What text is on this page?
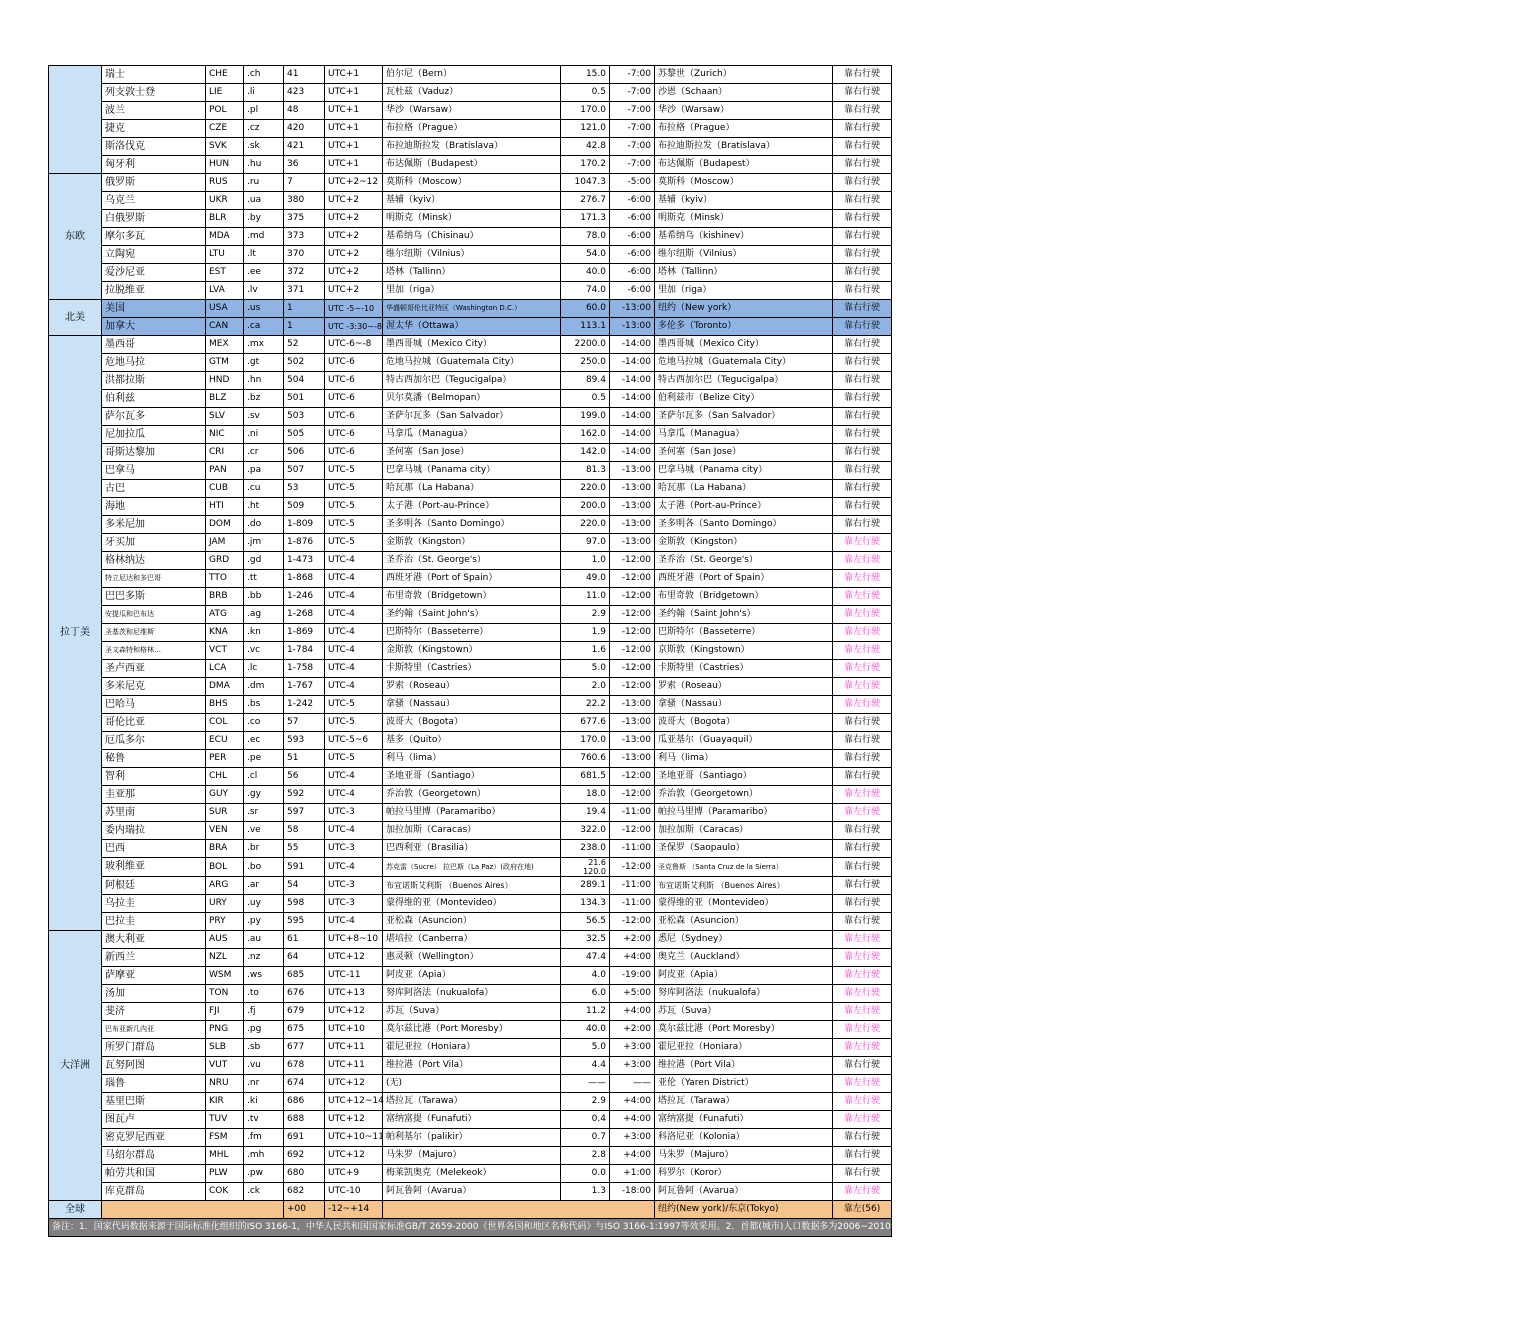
	瑞士	CHE	.ch	41	UTC+1	伯尔尼（Bern）	15.0	-7:00	苏黎世（Zurich）	靠右行驶
	列支敦士登	LIE	.li	423	UTC+1	瓦杜兹（Vaduz）	0.5	-7:00	沙恩（Schaan）	靠右行驶
	波兰	POL	.pl	48	UTC+1	华沙（Warsaw）	170.0	-7:00	华沙（Warsaw）	靠右行驶
	捷克	CZE	.cz	420	UTC+1	布拉格（Prague）	121.0	-7:00	布拉格（Prague）	靠右行驶
	斯洛伐克	SVK	.sk	421	UTC+1	布拉迪斯拉发（Bratislava）	42.8	-7:00	布拉迪斯拉发（Bratislava）	靠右行驶
	匈牙利	HUN	.hu	36	UTC+1	布达佩斯（Budapest）	170.2	-7:00	布达佩斯（Budapest）	靠右行驶
东欧	俄罗斯	RUS	.ru	7	UTC+2~12	莫斯科（Moscow）	1047.3	-5:00	莫斯科（Moscow）	靠右行驶
	乌克兰	UKR	.ua	380	UTC+2	基辅（kyiv）	276.7	-6:00	基辅（kyiv）	靠右行驶
	白俄罗斯	BLR	.by	375	UTC+2	明斯克（Minsk）	171.3	-6:00	明斯克（Minsk）	靠右行驶
	摩尔多瓦	MDA	.md	373	UTC+2	基希纳乌（Chisinau）	78.0	-6:00	基希纳乌（kishinev）	靠右行驶
	立陶宛	LTU	.lt	370	UTC+2	维尔纽斯（Vilnius）	54.0	-6:00	维尔纽斯（Vilnius）	靠右行驶
	爱沙尼亚	EST	.ee	372	UTC+2	塔林（Tallinn）	40.0	-6:00	塔林（Tallinn）	靠右行驶
	拉脱维亚	LVA	.lv	371	UTC+2	里加（riga）	74.0	-6:00	里加（riga）	靠右行驶
北美	美国	USA	.us	1	UTC -5~-10	华盛顿哥伦比亚特区（Washington D.C.）	60.0	-13:00	纽约（New york）	靠右行驶
	加拿大	CAN	.ca	1	UTC -3:30~-8	渥太华（Ottawa）	113.1	-13:00	多伦多（Toronto）	靠右行驶
拉丁美	墨西哥	MEX	.mx	52	UTC-6~-8	墨西哥城（Mexico City）	2200.0	-14:00	墨西哥城（Mexico City）	靠右行驶
	危地马拉	GTM	.gt	502	UTC-6	危地马拉城（Guatemala City）	250.0	-14:00	危地马拉城（Guatemala City）	靠右行驶
	洪都拉斯	HND	.hn	504	UTC-6	特古西加尔巴（Tegucigalpa）	89.4	-14:00	特古西加尔巴（Tegucigalpa）	靠右行驶
	伯利兹	BLZ	.bz	501	UTC-6	贝尔莫潘（Belmopan）	0.5	-14:00	伯利兹市（Belize City）	靠右行驶
	萨尔瓦多	SLV	.sv	503	UTC-6	圣萨尔瓦多（San Salvador）	199.0	-14:00	圣萨尔瓦多（San Salvador）	靠右行驶
	尼加拉瓜	NIC	.ni	505	UTC-6	马拿瓜（Managua）	162.0	-14:00	马拿瓜（Managua）	靠右行驶
	哥斯达黎加	CRI	.cr	506	UTC-6	圣何塞（San Jose）	142.0	-14:00	圣何塞（San Jose）	靠右行驶
	巴拿马	PAN	.pa	507	UTC-5	巴拿马城（Panama city）	81.3	-13:00	巴拿马城（Panama city）	靠右行驶
	古巴	CUB	.cu	53	UTC-5	哈瓦那（La Habana）	220.0	-13:00	哈瓦那（La Habana）	靠右行驶
	海地	HTI	.ht	509	UTC-5	太子港（Port-au-Prince）	200.0	-13:00	太子港（Port-au-Prince）	靠右行驶
	多米尼加	DOM	.do	1-809	UTC-5	圣多明各（Santo Domingo）	220.0	-13:00	圣多明各（Santo Domingo）	靠右行驶
	牙买加	JAM	.jm	1-876	UTC-5	金斯敦（Kingston）	97.0	-13:00	金斯敦（Kingston）	靠左行驶
	格林纳达	GRD	.gd	1-473	UTC-4	圣乔治（St. George's）	1.0	-12:00	圣乔治（St. George's）	靠左行驶
	特立尼达和多巴哥	TTO	.tt	1-868	UTC-4	西班牙港（Port of Spain）	49.0	-12:00	西班牙港（Port of Spain）	靠左行驶
	巴巴多斯	BRB	.bb	1-246	UTC-4	布里奇敦（Bridgetown）	11.0	-12:00	布里奇敦（Bridgetown）	靠左行驶
	安提瓜和巴布达	ATG	.ag	1-268	UTC-4	圣约翰（Saint John's）	2.9	-12:00	圣约翰（Saint John's）	靠左行驶
	圣基茨和尼维斯	KNA	.kn	1-869	UTC-4	巴斯特尔（Basseterre）	1.9	-12:00	巴斯特尔（Basseterre）	靠左行驶
	圣文森特和格林…	VCT	.vc	1-784	UTC-4	金斯敦（Kingstown）	1.6	-12:00	京斯敦（Kingstown）	靠左行驶
	圣卢西亚	LCA	.lc	1-758	UTC-4	卡斯特里（Castries）	5.0	-12:00	卡斯特里（Castries）	靠左行驶
	多米尼克	DMA	.dm	1-767	UTC-4	罗索（Roseau）	2.0	-12:00	罗索（Roseau）	靠左行驶
	巴哈马	BHS	.bs	1-242	UTC-5	拿骚（Nassau）	22.2	-13:00	拿骚（Nassau）	靠左行驶
	哥伦比亚	COL	.co	57	UTC-5	波哥大（Bogota）	677.6	-13:00	波哥大（Bogota）	靠右行驶
	厄瓜多尔	ECU	.ec	593	UTC-5~6	基多（Quito）	170.0	-13:00	瓜亚基尔（Guayaquil）	靠右行驶
	秘鲁	PER	.pe	51	UTC-5	利马（lima）	760.6	-13:00	利马（lima）	靠右行驶
	智利	CHL	.cl	56	UTC-4	圣地亚哥（Santiago）	681.5	-12:00	圣地亚哥（Santiago）	靠右行驶
	圭亚那	GUY	.gy	592	UTC-4	乔治敦（Georgetown）	18.0	-12:00	乔治敦（Georgetown）	靠左行驶
	苏里南	SUR	.sr	597	UTC-3	帕拉马里博（Paramaribo）	19.4	-11:00	帕拉马里博（Paramaribo）	靠左行驶
	委内瑞拉	VEN	.ve	58	UTC-4	加拉加斯（Caracas）	322.0	-12:00	加拉加斯（Caracas）	靠右行驶
	巴西	BRA	.br	55	UTC-3	巴西利亚（Brasilia）	238.0	-11:00	圣保罗（Saopaulo）	靠右行驶
	玻利维亚	BOL	.bo	591	UTC-4	苏克雷（Sucre） 拉巴斯（La Paz）(政府在地)	21.6 120.0	-12:00	圣克鲁斯 （Santa Cruz de la Sierra）	靠右行驶
	阿根廷	ARG	.ar	54	UTC-3	布宜诺斯艾利斯 （Buenos Aires）	289.1	-11:00	布宜诺斯艾利斯 （Buenos Aires）	靠右行驶
	乌拉圭	URY	.uy	598	UTC-3	蒙得维的亚（Montevideo）	134.3	-11:00	蒙得维的亚（Montevideo）	靠右行驶
	巴拉圭	PRY	.py	595	UTC-4	亚松森（Asuncion）	56.5	-12:00	亚松森（Asuncion）	靠右行驶
大洋洲	澳大利亚	AUS	.au	61	UTC+8~10	堪培拉（Canberra）	32.5	+2:00	悉尼（Sydney）	靠左行驶
	新西兰	NZL	.nz	64	UTC+12	惠灵顿（Wellington）	47.4	+4:00	奥克兰（Auckland）	靠左行驶
	萨摩亚	WSM	.ws	685	UTC-11	阿皮亚（Apia）	4.0	-19:00	阿皮亚（Apia）	靠左行驶
	汤加	TON	.to	676	UTC+13	努库阿洛法（nukualofa）	6.0	+5:00	努库阿洛法（nukualofa）	靠左行驶
	斐济	FJI	.fj	679	UTC+12	苏瓦（Suva）	11.2	+4:00	苏瓦（Suva）	靠左行驶
	巴布亚新几内亚	PNG	.pg	675	UTC+10	莫尔兹比港（Port Moresby）	40.0	+2:00	莫尔兹比港（Port Moresby）	靠左行驶
	所罗门群岛	SLB	.sb	677	UTC+11	霍尼亚拉（Honiara）	5.0	+3:00	霍尼亚拉（Honiara）	靠左行驶
	瓦努阿图	VUT	.vu	678	UTC+11	维拉港（Port Vila）	4.4	+3:00	维拉港（Port Vila）	靠右行驶
	瑙鲁	NRU	.nr	674	UTC+12	(无)	——	——	亚伦（Yaren District）	靠左行驶
	基里巴斯	KIR	.ki	686	UTC+12~14	塔拉瓦（Tarawa）	2.9	+4:00	塔拉瓦（Tarawa）	靠左行驶
	图瓦卢	TUV	.tv	688	UTC+12	富纳富提（Funafuti）	0.4	+4:00	富纳富提（Funafuti）	靠左行驶
	密克罗尼西亚	FSM	.fm	691	UTC+10~11	帕利基尔（palikir）	0.7	+3:00	科洛尼亚（Kolonia）	靠右行驶
	马绍尔群岛	MHL	.mh	692	UTC+12	马朱罗（Majuro）	2.8	+4:00	马朱罗（Majuro）	靠右行驶
	帕劳共和国	PLW	.pw	680	UTC+9	梅莱凯奥克（Melekeok）	0.0	+1:00	科罗尔（Koror）	靠右行驶
	库克群岛	COK	.ck	682	UTC-10	阿瓦鲁阿（Avarua）	1.3	-18:00	阿瓦鲁阿（Avarua）	靠左行驶
全球				+00	-12~+14				纽约(New york)/东京(Tokyo)	靠左(56)
备注：1．国家代码数据来源于国际标准化组织的ISO 3166-1，中华人民共和国国家标准GB/T 2659-2000《世界各国和地区名称代码》与ISO 3166-1:1997等效采用。2．首都(城市)人口数据多为2006~2010年期间数据。3．各国夏时制实行时间（1列批注）数据为2007年数据，其它年份以各国政府规定为准。4．主权争议地区及国家海外领地数据见表TGBJ‐Y002-3。										
